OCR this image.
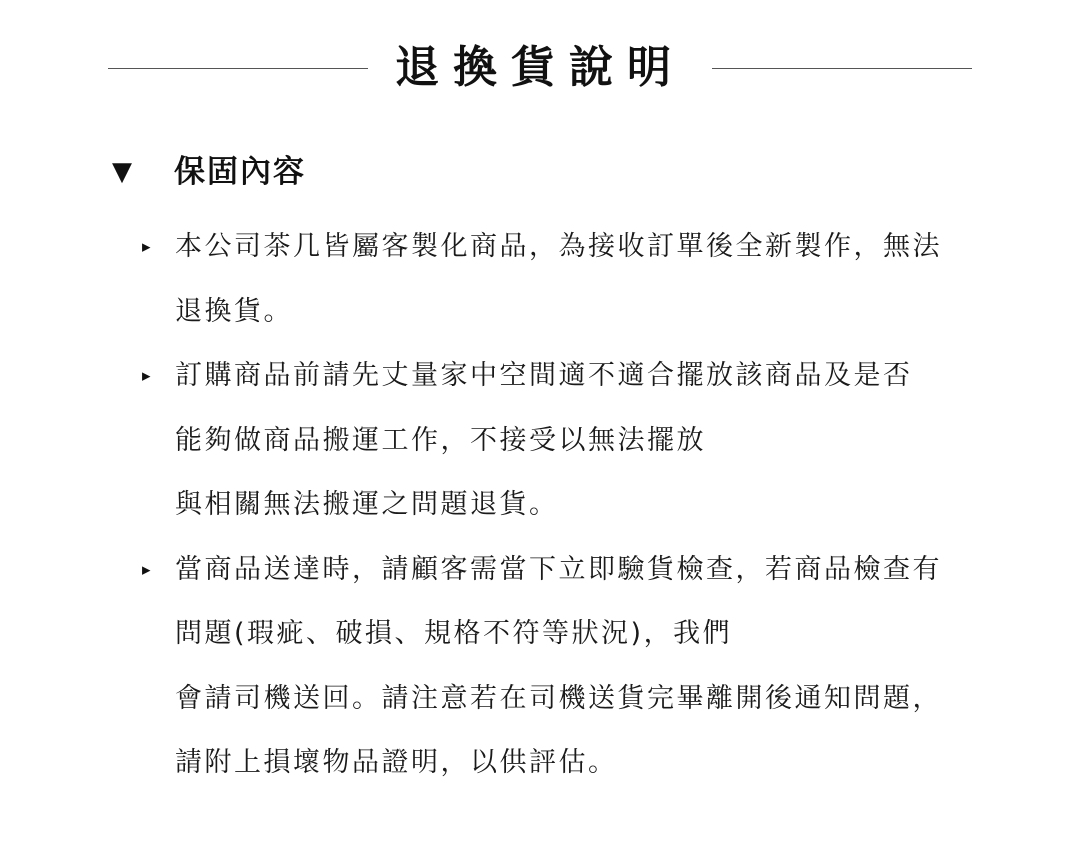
退換貨說明
▼	保固內容
▸ 本公司茶几皆屬客製化商品，為接收訂單後全新製作，無法
退換貨。
▸ 訂購商品前請先丈量家中空間適不適合擺放該商品及是否
能夠做商品搬運工作，不接受以無法擺放
與相關無法搬運之問題退貨。
▸ 當商品送達時，請顧客需當下立即驗貨檢查，若商品檢查有
問題(瑕疵、破損、規格不符等狀況)，我們
會請司機送回。請注意若在司機送貨完畢離開後通知問題，
請附上損壞物品證明，以供評估。
